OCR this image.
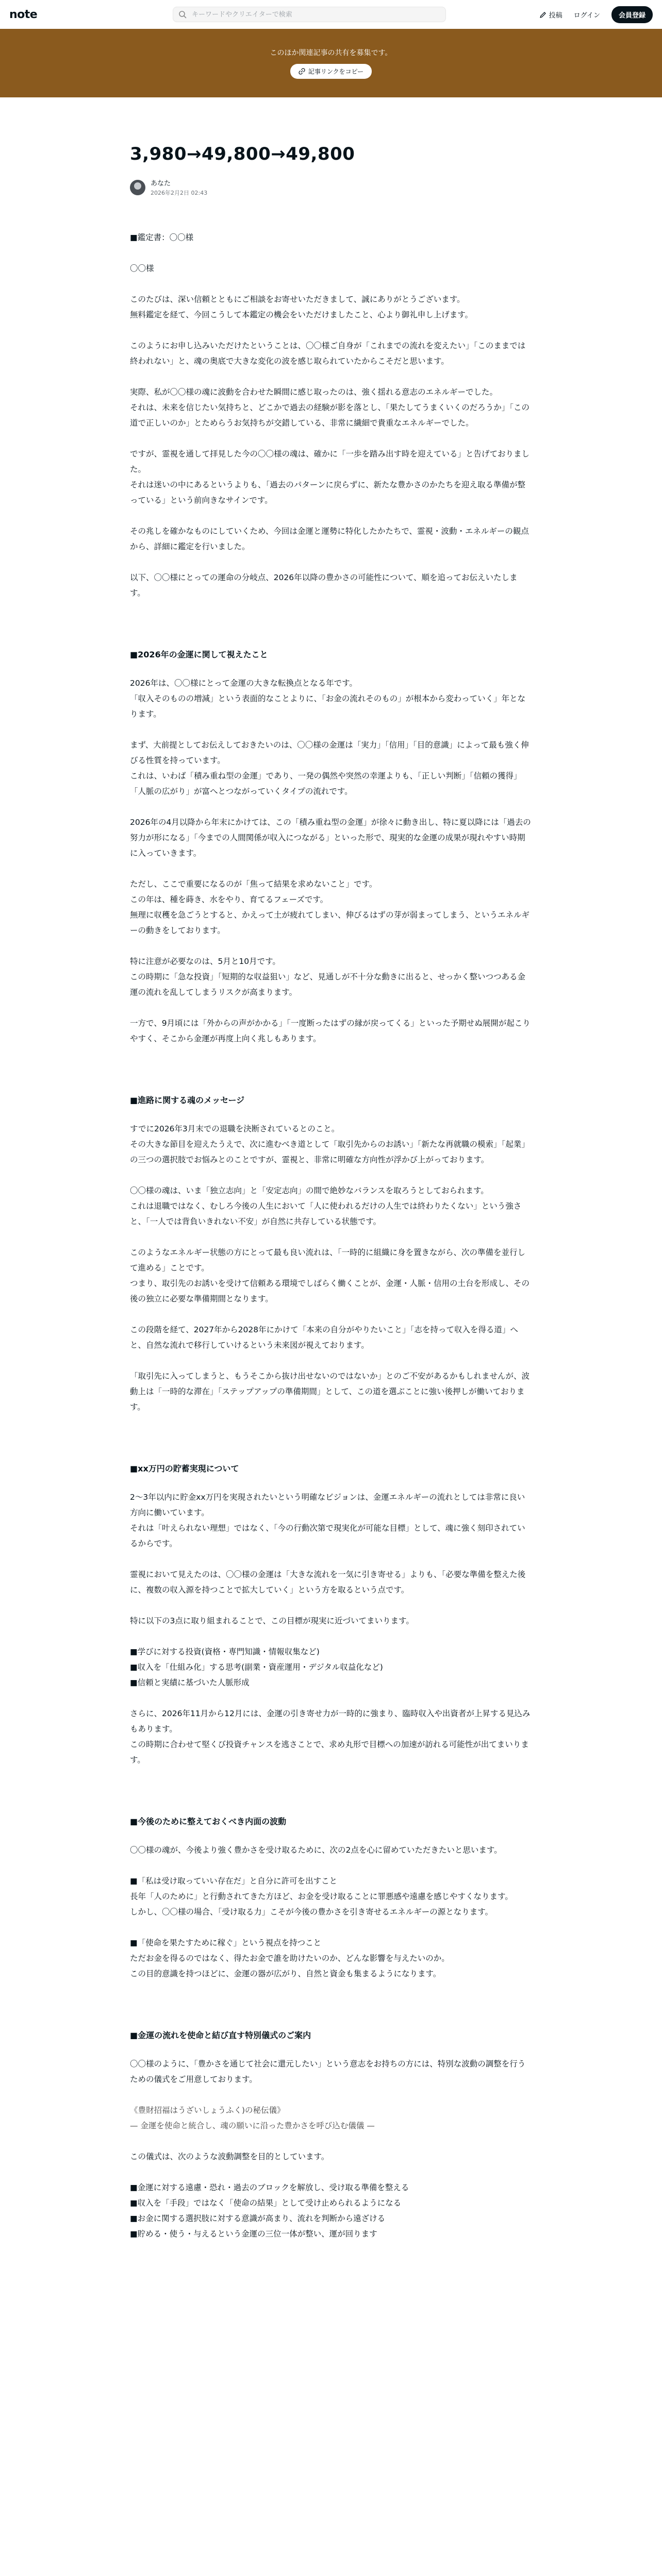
note
キーワードやクリエイターで検索	投稿 ログイン	会員登録
このほか関連記事の共有を募集です。
記事リンクをコピー
3,980→49,800→49,800
あなた
2026年2月2日 02:43

■鑑定書：〇〇様

〇〇様

このたびは、深い信頼とともにご相談をお寄せいただきまして、誠にありがとうございます。
無料鑑定を経て、今回こうして本鑑定の機会をいただけましたこと、心より御礼申し上げます。

このようにお申し込みいただけたということは、〇〇様ご自身が「これまでの流れを変えたい」「このままでは終われない」と、魂の奥底で大きな変化の波を感じ取られていたからこそだと思います。

実際、私が〇〇様の魂に波動を合わせた瞬間に感じ取ったのは、強く揺れる意志のエネルギーでした。
それは、未来を信じたい気持ちと、どこかで過去の経験が影を落とし、「果たしてうまくいくのだろうか」「この道で正しいのか」とためらうお気持ちが交錯している、非常に繊細で貴重なエネルギーでした。

ですが、霊視を通して拝見した今の〇〇様の魂は、確かに「一歩を踏み出す時を迎えている」と告げておりました。
それは迷いの中にあるというよりも、「過去のパターンに戻らずに、新たな豊かさのかたちを迎え取る準備が整っている」という前向きなサインです。

その兆しを確かなものにしていくため、今回は金運と運勢に特化したかたちで、霊視・波動・エネルギーの観点から、詳細に鑑定を行いました。

以下、〇〇様にとっての運命の分岐点、2026年以降の豊かさの可能性について、順を追ってお伝えいたします。

■2026年の金運に関して視えたこと

2026年は、〇〇様にとって金運の大きな転換点となる年です。
「収入そのものの増減」という表面的なことよりに、「お金の流れそのもの」が根本から変わっていく」年となります。

まず、大前提としてお伝えしておきたいのは、〇〇様の金運は「実力」「信用」「目的意識」によって最も強く伸びる性質を持っています。
これは、いわば「積み重ね型の金運」であり、一発の偶然や突然の幸運よりも、「正しい判断」「信頼の獲得」「人脈の広がり」が富へとつながっていくタイプの流れです。

2026年の4月以降から年末にかけては、この「積み重ね型の金運」が徐々に動き出し、特に夏以降には「過去の努力が形になる」「今までの人間関係が収入につながる」といった形で、現実的な金運の成果が現れやすい時期に入っていきます。

ただし、ここで重要になるのが「焦って結果を求めないこと」です。
この年は、種を蒔き、水をやり、育てるフェーズです。
無理に収穫を急ごうとすると、かえって土が疲れてしまい、伸びるはずの芽が弱まってしまう、というエネルギーの動きをしております。

特に注意が必要なのは、5月と10月です。
この時期に「急な投資」「短期的な収益狙い」など、見通しが不十分な動きに出ると、せっかく整いつつある金運の流れを乱してしまうリスクが高まります。

一方で、9月頃には「外からの声がかかる」「一度断ったはずの縁が戻ってくる」といった予期せぬ展開が起こりやすく、そこから金運が再度上向く兆しもあります。

■進路に関する魂のメッセージ

すでに2026年3月末での退職を決断されているとのこと。
その大きな節目を迎えたうえで、次に進むべき道として「取引先からのお誘い」「新たな再就職の模索」「起業」の三つの選択肢でお悩みとのことですが、霊視と、非常に明確な方向性が浮かび上がっております。

〇〇様の魂は、いま「独立志向」と「安定志向」の間で絶妙なバランスを取ろうとしておられます。
これは退職ではなく、むしろ今後の人生において「人に使われるだけの人生では終わりたくない」という強さと、「一人では背負いきれない不安」が自然に共存している状態です。

このようなエネルギー状態の方にとって最も良い流れは、「一時的に組織に身を置きながら、次の準備を並行して進める」ことです。
つまり、取引先のお誘いを受けて信頼ある環境でしばらく働くことが、金運・人脈・信用の土台を形成し、その後の独立に必要な準備期間となります。

この段階を経て、2027年から2028年にかけて「本来の自分がやりたいこと」「志を持って収入を得る道」へと、自然な流れで移行していけるという未来図が視えております。

「取引先に入ってしまうと、もうそこから抜け出せないのではないか」とのご不安があるかもしれませんが、波動上は「一時的な滞在」「ステップアップの準備期間」として、この道を選ぶことに強い後押しが働いております。

■xx万円の貯蓄実現について

2〜3年以内に貯金xx万円を実現されたいという明確なビジョンは、金運エネルギーの流れとしては非常に良い方向に働いています。
それは「叶えられない理想」ではなく、「今の行動次第で現実化が可能な目標」として、魂に強く刻印されているからです。

霊視において見えたのは、〇〇様の金運は「大きな流れを一気に引き寄せる」よりも、「必要な準備を整えた後に、複数の収入源を持つことで拡大していく」という方を取るという点です。

特に以下の3点に取り組まれることで、この目標が現実に近づいてまいります。

■学びに対する投資(資格・専門知識・情報収集など)
■収入を「仕組み化」する思考(副業・資産運用・デジタル収益化など)
■信頼と実績に基づいた人脈形成

さらに、2026年11月から12月には、金運の引き寄せ力が一時的に強まり、臨時収入や出資者が上昇する見込みもあります。
この時期に合わせて堅くび投資チャンスを逃さことで、求め丸形で目標への加速が訪れる可能性が出てまいります。

■今後のために整えておくべき内面の波動

〇〇様の魂が、今後より強く豊かさを受け取るために、次の2点を心に留めていただきたいと思います。

■「私は受け取っていい存在だ」と自分に許可を出すこと
長年「人のために」と行動されてきた方ほど、お金を受け取ることに罪悪感や遠慮を感じやすくなります。
しかし、〇〇様の場合、「受け取る力」こそが今後の豊かさを引き寄せるエネルギーの源となります。

■「使命を果たすために稼ぐ」という視点を持つこと
ただお金を得るのではなく、得たお金で誰を助けたいのか、どんな影響を与えたいのか。
この目的意識を持つほどに、金運の器が広がり、自然と資金も集まるようになります。

■金運の流れを使命と結び直す特別儀式のご案内

〇〇様のように、「豊かさを通じて社会に還元したい」という意志をお持ちの方には、特別な波動の調整を行うための儀式をご用意しております。

《豊財招福はうざいしょうふく)の秘伝儀》
— 金運を使命と統合し、魂の願いに沿った豊かさを呼び込む儀儀 —

この儀式は、次のような波動調整を目的としています。

■金運に対する遠慮・恐れ・過去のブロックを解放し、受け取る準備を整える
■収入を「手段」ではなく「使命の結果」として受け止められるようになる
■お金に関する選択肢に対する意識が高まり、流れを判断から遠ざける
■貯める・使う・与えるという金運の三位一体が整い、運が回ります
